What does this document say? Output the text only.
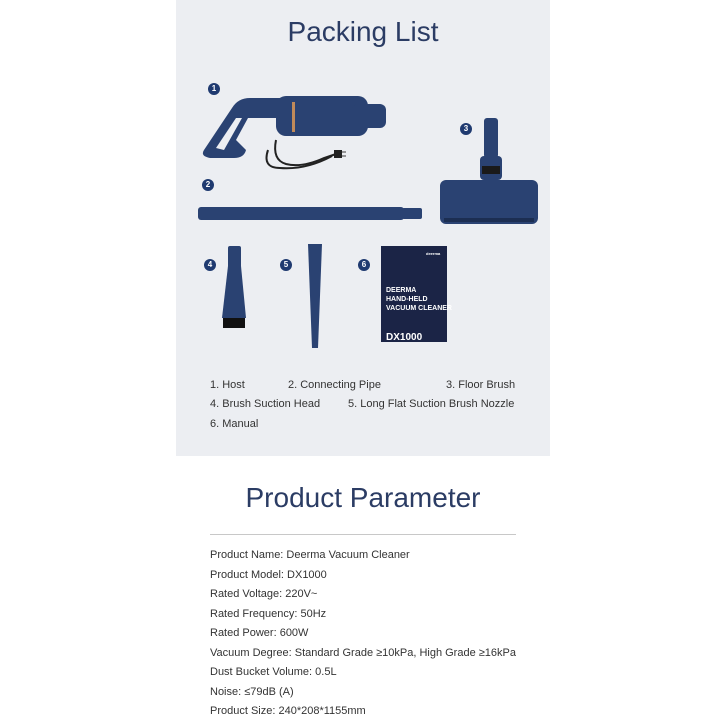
Packing List
1
2
3
4	5	6
deerma
DEERMA
HAND-HELD
VACUUM CLEANER
DX1000
1. Host	2. Connecting Pipe	3. Floor Brush
4. Brush Suction Head	5. Long Flat Suction Brush Nozzle
6. Manual
Product Parameter
Product Name: Deerma Vacuum Cleaner
Product Model: DX1000
Rated Voltage: 220V~
Rated Frequency: 50Hz
Rated Power: 600W
Vacuum Degree: Standard Grade ≥10kPa, High Grade ≥16kPa
Dust Bucket Volume: 0.5L
Noise: ≤79dB (A)
Product Size: 240*208*1155mm
